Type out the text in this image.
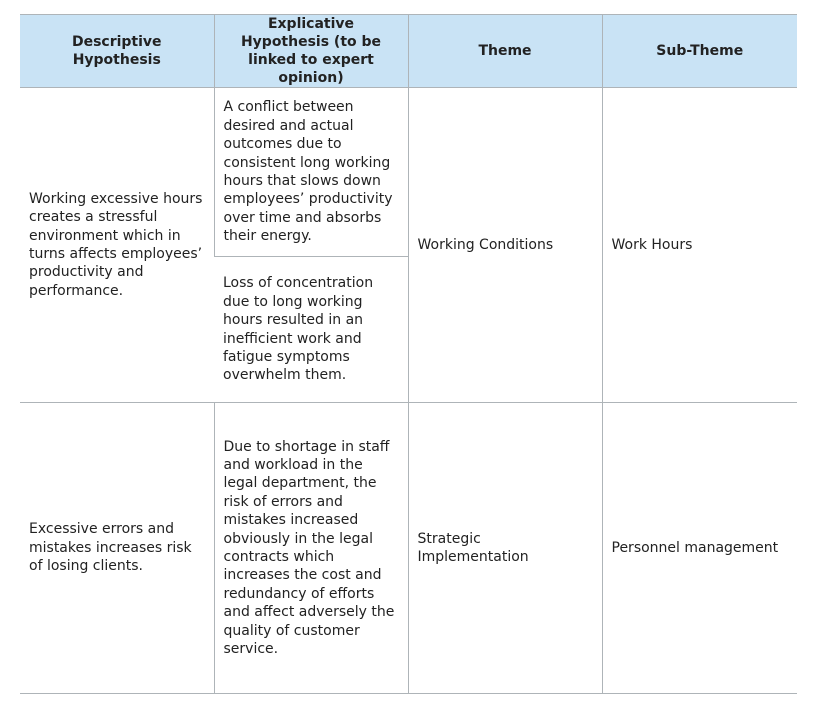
Descriptive Hypothesis	Explicative Hypothesis (to be linked to expert opinion)	Theme	Sub-Theme
Working excessive hours creates a stressful environment which in turns affects employees’ productivity and performance.	A conflict between desired and actual outcomes due to consistent long working hours that slows down employees’ productivity over time and absorbs their energy.	Working Conditions	Work Hours
	Loss of concentration due to long working hours resulted in an inefficient work and fatigue symptoms overwhelm them.		
Excessive errors and mistakes increases risk of losing clients.	Due to shortage in staff and workload in the legal department, the risk of errors and mistakes increased obviously in the legal contracts which increases the cost and redundancy of efforts and affect adversely the quality of customer service.	Strategic Implementation	Personnel management
